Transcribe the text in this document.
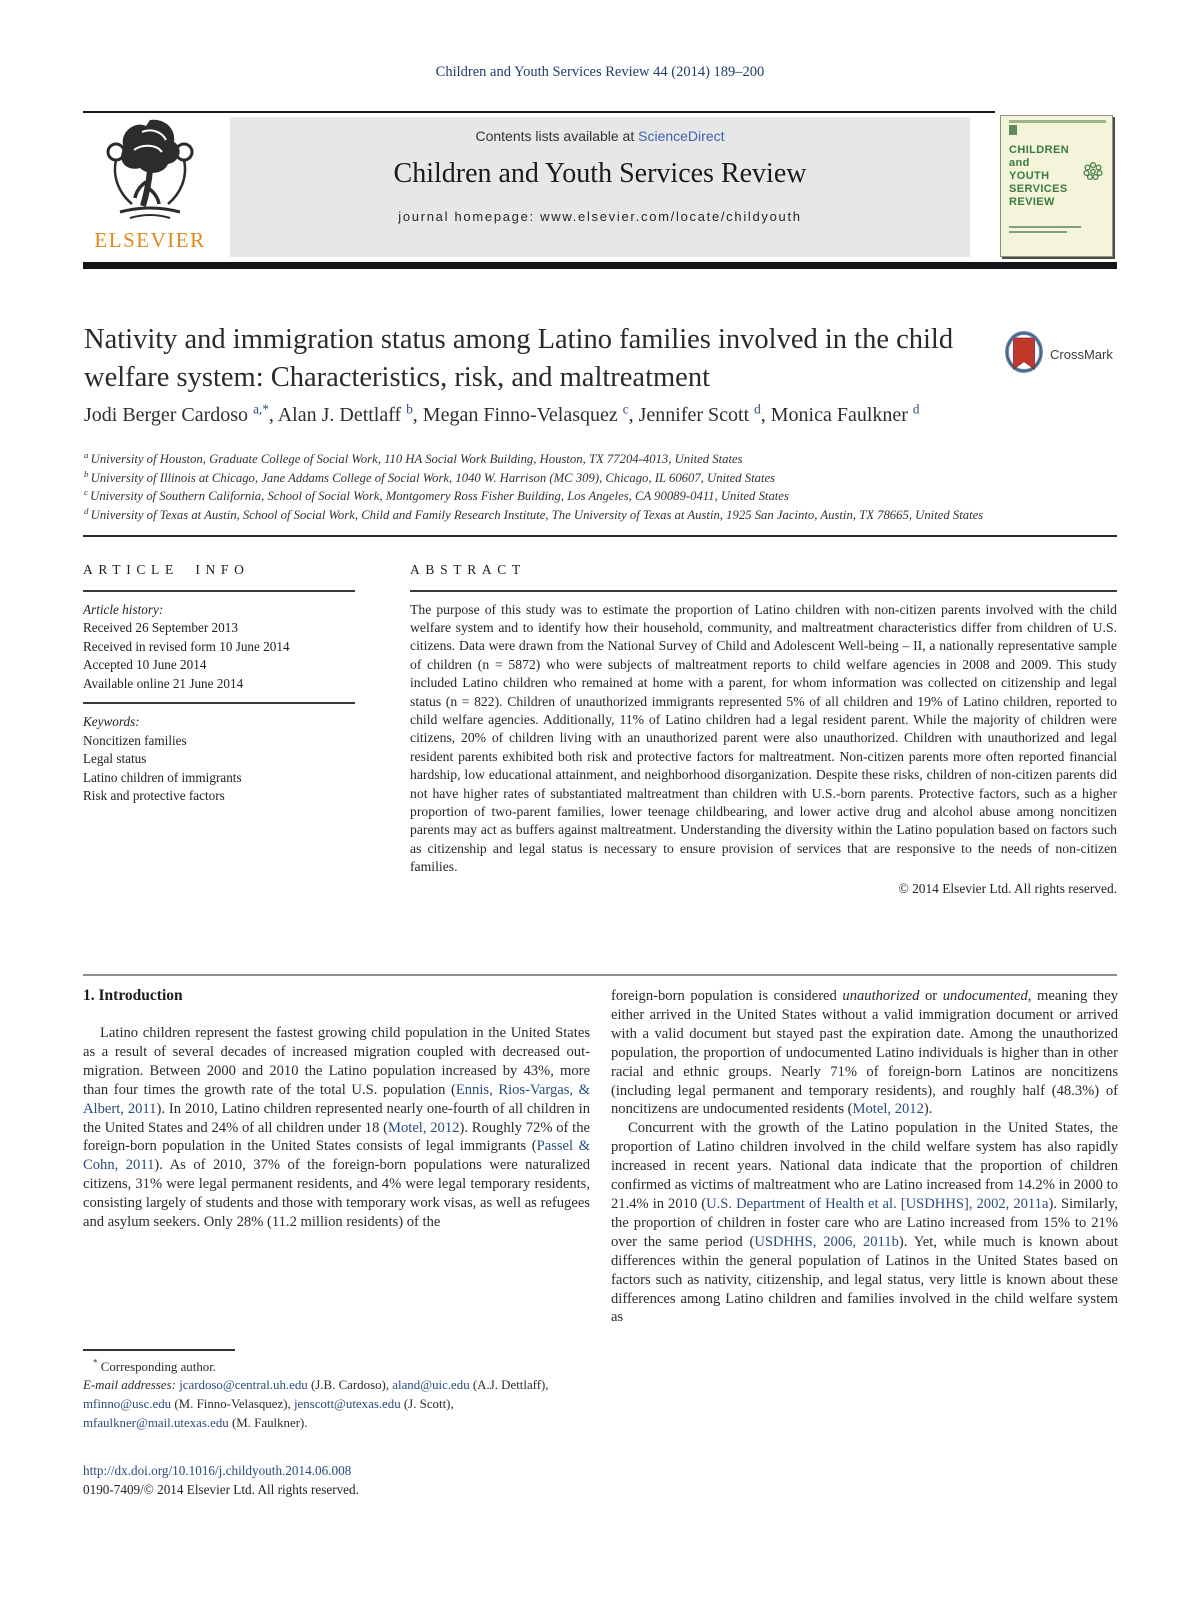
Children and Youth Services Review 44 (2014) 189–200
ELSEVIER
Contents lists available at ScienceDirect
Children and Youth Services Review
journal homepage: www.elsevier.com/locate/childyouth
CHILDREN
and
YOUTH
SERVICES
REVIEW
Nativity and immigration status among Latino families involved in the child welfare system: Characteristics, risk, and maltreatment
CrossMark
Jodi Berger Cardoso $^{a,*}$, Alan J. Dettlaff $^b$, Megan Finno-Velasquez $^c$, Jennifer Scott $^d$, Monica Faulkner $^d$
$^a$ University of Houston, Graduate College of Social Work, 110 HA Social Work Building, Houston, TX 77204-4013, United States
$^b$ University of Illinois at Chicago, Jane Addams College of Social Work, 1040 W. Harrison (MC 309), Chicago, IL 60607, United States
$^c$ University of Southern California, School of Social Work, Montgomery Ross Fisher Building, Los Angeles, CA 90089-0411, United States
$^d$ University of Texas at Austin, School of Social Work, Child and Family Research Institute, The University of Texas at Austin, 1925 San Jacinto, Austin, TX 78665, United States
ARTICLE INFO
Article history:
Received 26 September 2013
Received in revised form 10 June 2014
Accepted 10 June 2014
Available online 21 June 2014
Keywords:
Noncitizen families
Legal status
Latino children of immigrants
Risk and protective factors
ABSTRACT
The purpose of this study was to estimate the proportion of Latino children with non-citizen parents involved with the child welfare system and to identify how their household, community, and maltreatment characteristics differ from children of U.S. citizens. Data were drawn from the National Survey of Child and Adolescent Well-being – II, a nationally representative sample of children (n = 5872) who were subjects of maltreatment reports to child welfare agencies in 2008 and 2009. This study included Latino children who remained at home with a parent, for whom information was collected on citizenship and legal status (n = 822). Children of unauthorized immigrants represented 5% of all children and 19% of Latino children, reported to child welfare agencies. Additionally, 11% of Latino children had a legal resident parent. While the majority of children were citizens, 20% of children living with an unauthorized parent were also unauthorized. Children with unauthorized and legal resident parents exhibited both risk and protective factors for maltreatment. Non-citizen parents more often reported financial hardship, low educational attainment, and neighborhood disorganization. Despite these risks, children of non-citizen parents did not have higher rates of substantiated maltreatment than children with U.S.-born parents. Protective factors, such as a higher proportion of two-parent families, lower teenage childbearing, and lower active drug and alcohol abuse among noncitizen parents may act as buffers against maltreatment. Understanding the diversity within the Latino population based on factors such as citizenship and legal status is necessary to ensure provision of services that are responsive to the needs of non-citizen families.
© 2014 Elsevier Ltd. All rights reserved.
1. Introduction
Latino children represent the fastest growing child population in the United States as a result of several decades of increased migration coupled with decreased out-migration. Between 2000 and 2010 the Latino population increased by 43%, more than four times the growth rate of the total U.S. population (Ennis, Rios-Vargas, & Albert, 2011). In 2010, Latino children represented nearly one-fourth of all children in the United States and 24% of all children under 18 (Motel, 2012). Roughly 72% of the foreign-born population in the United States consists of legal immigrants (Passel & Cohn, 2011). As of 2010, 37% of the foreign-born populations were naturalized citizens, 31% were legal permanent residents, and 4% were legal temporary residents, consisting largely of students and those with temporary work visas, as well as refugees and asylum seekers. Only 28% (11.2 million residents) of the
foreign-born population is considered unauthorized or undocumented, meaning they either arrived in the United States without a valid immigration document or arrived with a valid document but stayed past the expiration date. Among the unauthorized population, the proportion of undocumented Latino individuals is higher than in other racial and ethnic groups. Nearly 71% of foreign-born Latinos are noncitizens (including legal permanent and temporary residents), and roughly half (48.3%) of noncitizens are undocumented residents (Motel, 2012).
Concurrent with the growth of the Latino population in the United States, the proportion of Latino children involved in the child welfare system has also rapidly increased in recent years. National data indicate that the proportion of children confirmed as victims of maltreatment who are Latino increased from 14.2% in 2000 to 21.4% in 2010 (U.S. Department of Health et al. [USDHHS], 2002, 2011a). Similarly, the proportion of children in foster care who are Latino increased from 15% to 21% over the same period (USDHHS, 2006, 2011b). Yet, while much is known about differences within the general population of Latinos in the United States based on factors such as nativity, citizenship, and legal status, very little is known about these differences among Latino children and families involved in the child welfare system as
* Corresponding author.
E-mail addresses: jcardoso@central.uh.edu (J.B. Cardoso), aland@uic.edu (A.J. Dettlaff), mfinno@usc.edu (M. Finno-Velasquez), jenscott@utexas.edu (J. Scott), mfaulkner@mail.utexas.edu (M. Faulkner).
http://dx.doi.org/10.1016/j.childyouth.2014.06.008
0190-7409/© 2014 Elsevier Ltd. All rights reserved.
